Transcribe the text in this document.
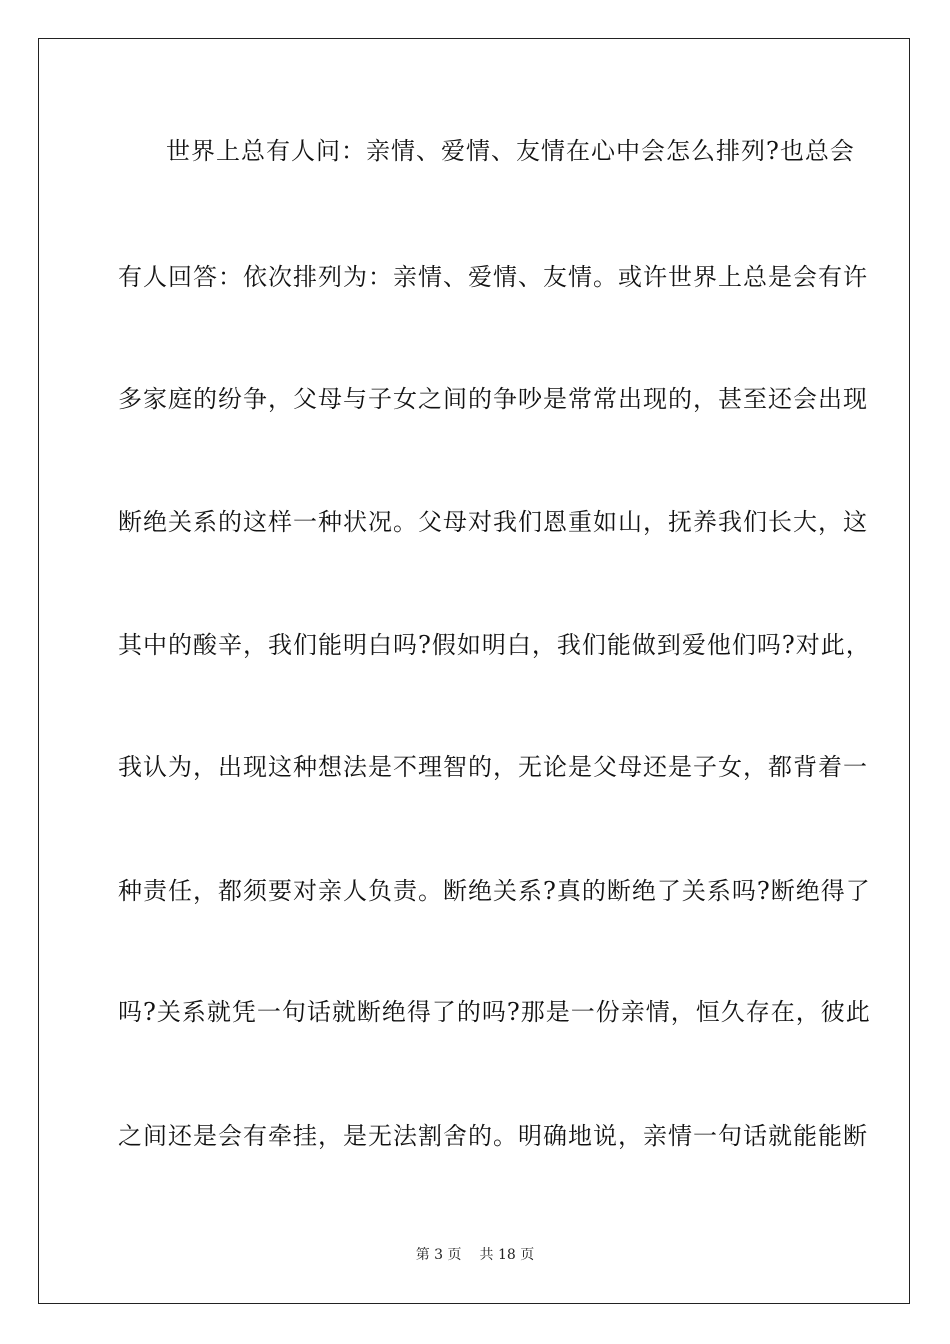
世界上总有人问：亲情、爱情、友情在心中会怎么排列?也总会
有人回答：依次排列为：亲情、爱情、友情。或许世界上总是会有许
多家庭的纷争，父母与子女之间的争吵是常常出现的，甚至还会出现
断绝关系的这样一种状况。父母对我们恩重如山，抚养我们长大，这
其中的酸辛，我们能明白吗?假如明白，我们能做到爱他们吗?对此，
我认为，出现这种想法是不理智的，无论是父母还是子女，都背着一
种责任，都须要对亲人负责。断绝关系?真的断绝了关系吗?断绝得了
吗?关系就凭一句话就断绝得了的吗?那是一份亲情，恒久存在，彼此
之间还是会有牵挂，是无法割舍的。明确地说，亲情一句话就能能断
第 3 页 共 18 页
